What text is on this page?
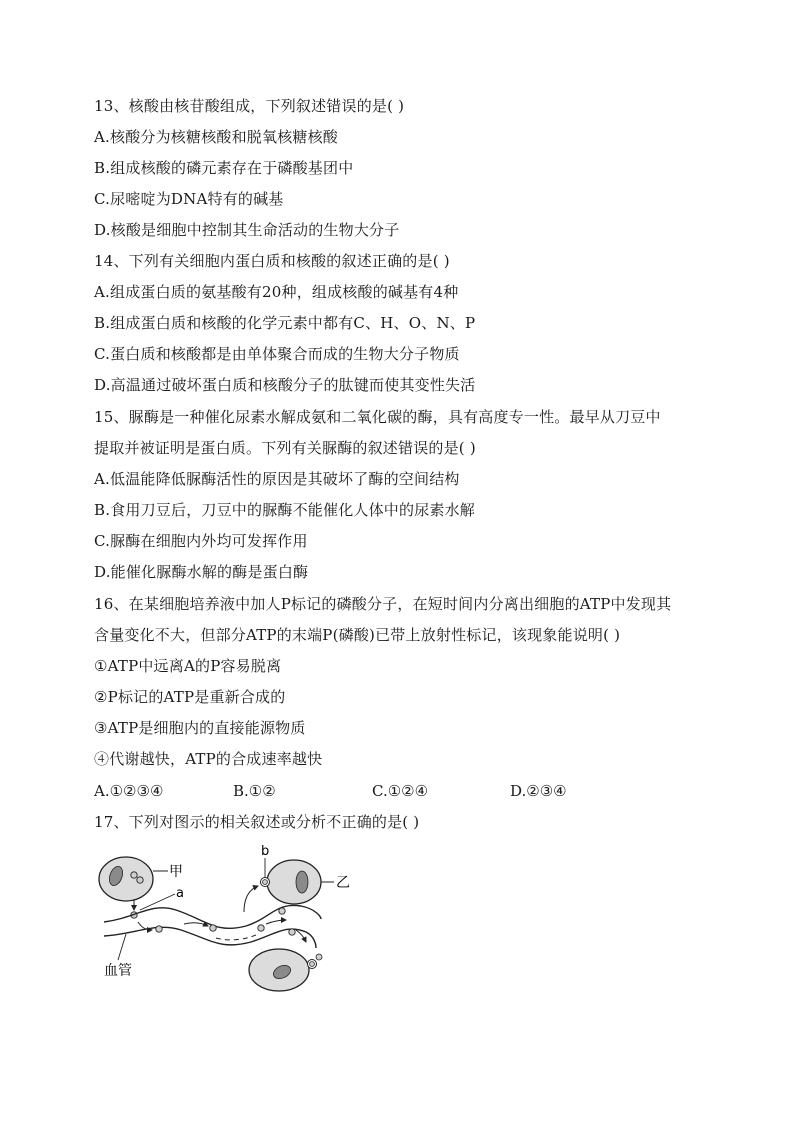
13、核酸由核苷酸组成，下列叙述错误的是( )
A.核酸分为核糖核酸和脱氧核糖核酸
B.组成核酸的磷元素存在于磷酸基团中
C.尿嘧啶为DNA特有的碱基
D.核酸是细胞中控制其生命活动的生物大分子
14、下列有关细胞内蛋白质和核酸的叙述正确的是( )
A.组成蛋白质的氨基酸有20种，组成核酸的碱基有4种
B.组成蛋白质和核酸的化学元素中都有C、H、O、N、P
C.蛋白质和核酸都是由单体聚合而成的生物大分子物质
D.高温通过破坏蛋白质和核酸分子的肽键而使其变性失活
15、脲酶是一种催化尿素水解成氨和二氧化碳的酶，具有高度专一性。最早从刀豆中
提取并被证明是蛋白质。下列有关脲酶的叙述错误的是( )
A.低温能降低脲酶活性的原因是其破坏了酶的空间结构
B.食用刀豆后，刀豆中的脲酶不能催化人体中的尿素水解
C.脲酶在细胞内外均可发挥作用
D.能催化脲酶水解的酶是蛋白酶
16、在某细胞培养液中加人P标记的磷酸分子，在短时间内分离出细胞的ATP中发现其
含量变化不大，但部分ATP的末端P(磷酸)已带上放射性标记，该现象能说明( )
①ATP中远离A的P容易脱离
②P标记的ATP是重新合成的
③ATP是细胞内的直接能源物质
④代谢越快，ATP的合成速率越快
A.①②③④	B.①②	C.①②④	D.②③④
17、下列对图示的相关叙述或分析不正确的是( )
甲
a
乙
b
血管
